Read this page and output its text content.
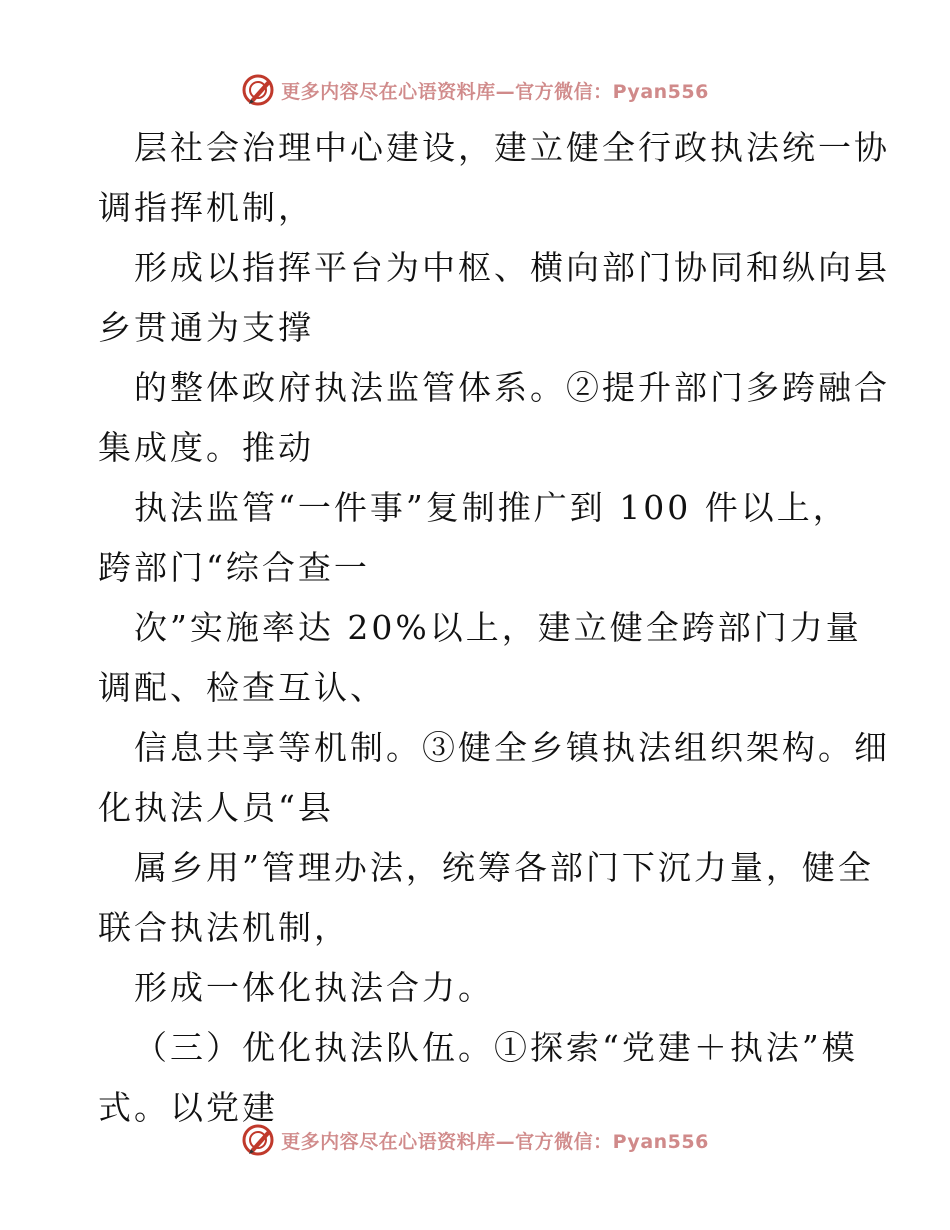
更多内容尽在心语资料库—官方微信：Pyan556
层社会治理中心建设，建立健全行政执法统一协
调指挥机制，
形成以指挥平台为中枢、横向部门协同和纵向县
乡贯通为支撑
的整体政府执法监管体系。②提升部门多跨融合
集成度。推动
执法监管“一件事”复制推广到 100 件以上，
跨部门“综合查一
次”实施率达 20%以上，建立健全跨部门力量
调配、检查互认、
信息共享等机制。③健全乡镇执法组织架构。细
化执法人员“县
属乡用”管理办法，统筹各部门下沉力量，健全
联合执法机制，
形成一体化执法合力。
（三）优化执法队伍。①探索“党建＋执法”模
式。以党建
更多内容尽在心语资料库—官方微信：Pyan556
